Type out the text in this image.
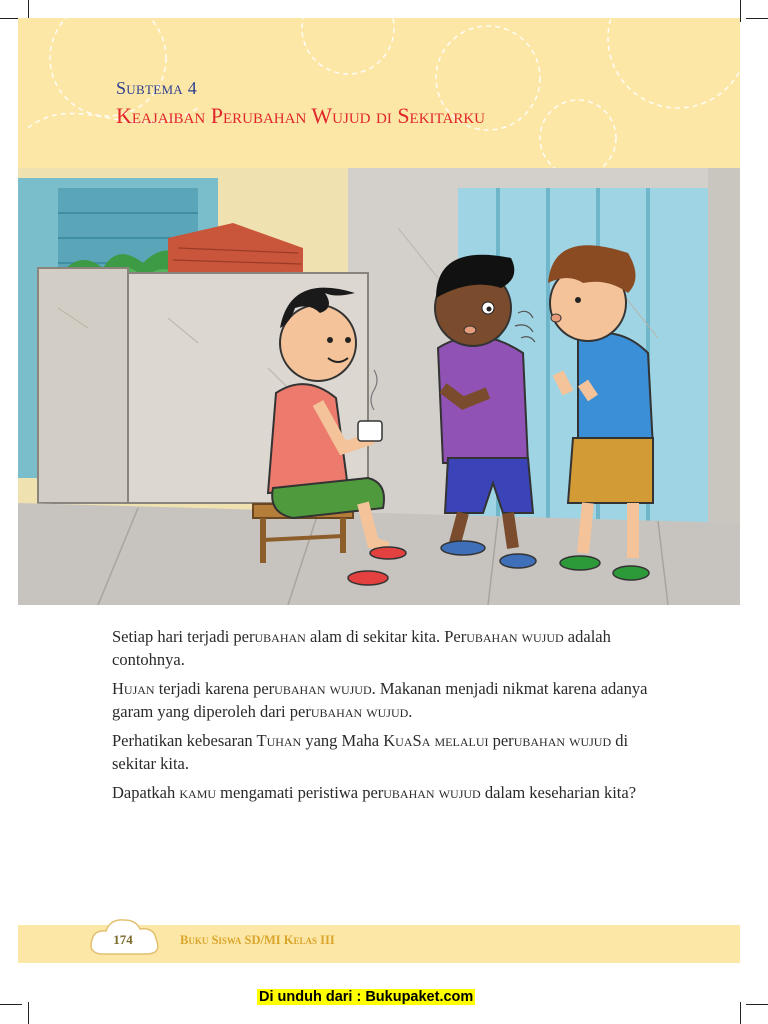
Subtema 4
Keajaiban Perubahan Wujud di Sekitarku

Setiap hari terjadi perubahan alam di sekitar kita. Perubahan wujud adalah contohnya.

Hujan terjadi karena perubahan wujud. Makanan menjadi nikmat karena adanya garam yang diperoleh dari perubahan wujud.

Perhatikan kebesaran Tuhan yang Maha KuaSa melalui perubahan wujud di sekitar kita.

Dapatkah kamu mengamati peristiwa perubahan wujud dalam keseharian kita?

174	Buku Siswa SD/MI Kelas III
Di unduh dari : Bukupaket.com
